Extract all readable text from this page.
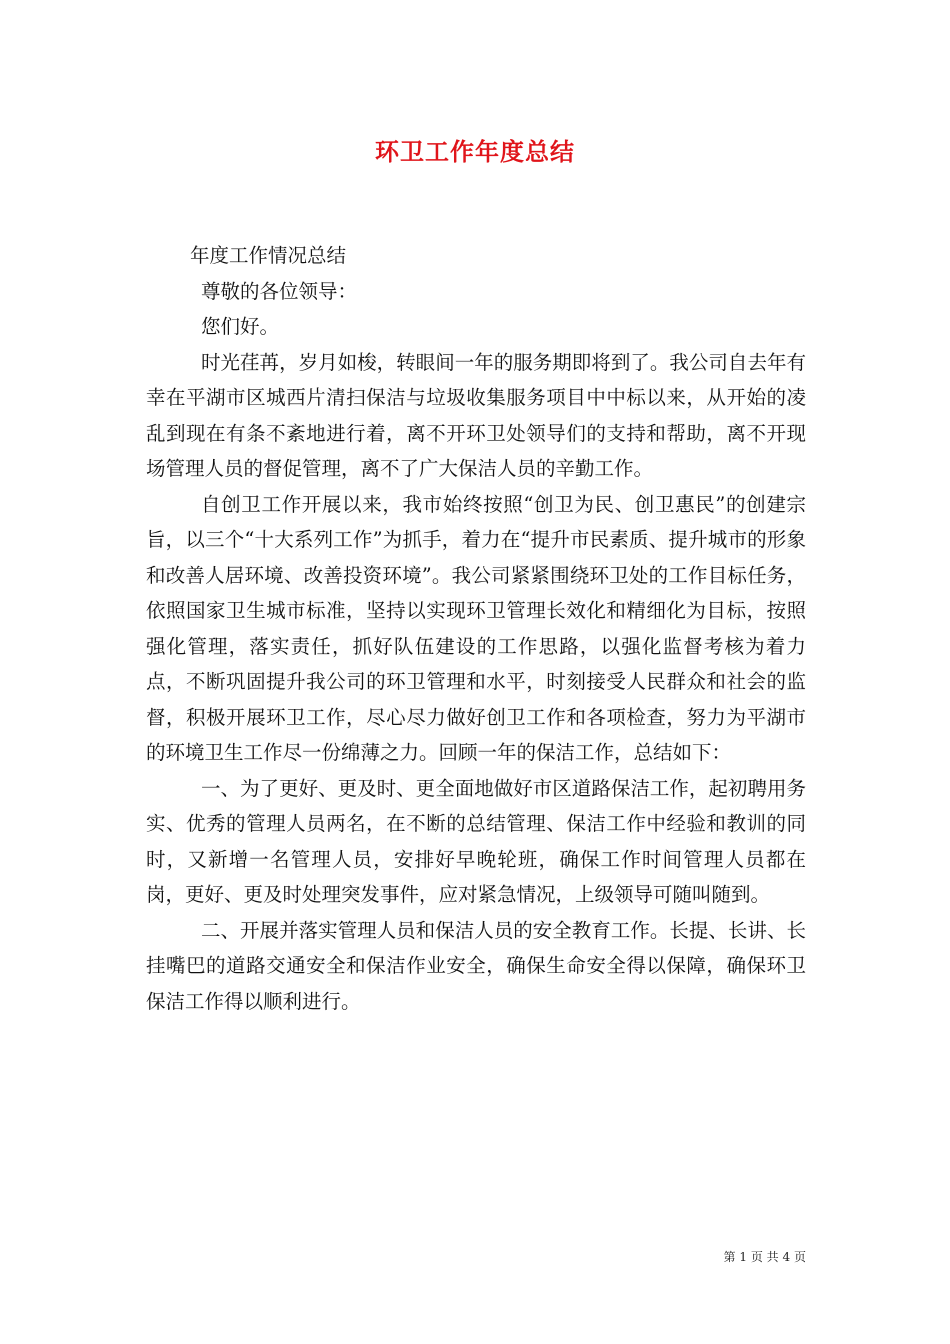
环卫工作年度总结

年度工作情况总结

尊敬的各位领导：

您们好。

时光荏苒，岁月如梭，转眼间一年的服务期即将到了。我公司自去年有幸在平湖市区城西片清扫保洁与垃圾收集服务项目中中标以来，从开始的凌乱到现在有条不紊地进行着，离不开环卫处领导们的支持和帮助，离不开现场管理人员的督促管理，离不了广大保洁人员的辛勤工作。

自创卫工作开展以来，我市始终按照“创卫为民、创卫惠民”的创建宗旨，以三个“十大系列工作”为抓手，着力在“提升市民素质、提升城市的形象和改善人居环境、改善投资环境”。我公司紧紧围绕环卫处的工作目标任务，依照国家卫生城市标准，坚持以实现环卫管理长效化和精细化为目标，按照强化管理，落实责任，抓好队伍建设的工作思路，以强化监督考核为着力点，不断巩固提升我公司的环卫管理和水平，时刻接受人民群众和社会的监督，积极开展环卫工作，尽心尽力做好创卫工作和各项检查，努力为平湖市的环境卫生工作尽一份绵薄之力。回顾一年的保洁工作，总结如下：

一、为了更好、更及时、更全面地做好市区道路保洁工作，起初聘用务实、优秀的管理人员两名，在不断的总结管理、保洁工作中经验和教训的同时，又新增一名管理人员，安排好早晚轮班，确保工作时间管理人员都在岗，更好、更及时处理突发事件，应对紧急情况，上级领导可随叫随到。

二、开展并落实管理人员和保洁人员的安全教育工作。长提、长讲、长挂嘴巴的道路交通安全和保洁作业安全，确保生命安全得以保障，确保环卫保洁工作得以顺利进行。

第 1 页 共 4 页
